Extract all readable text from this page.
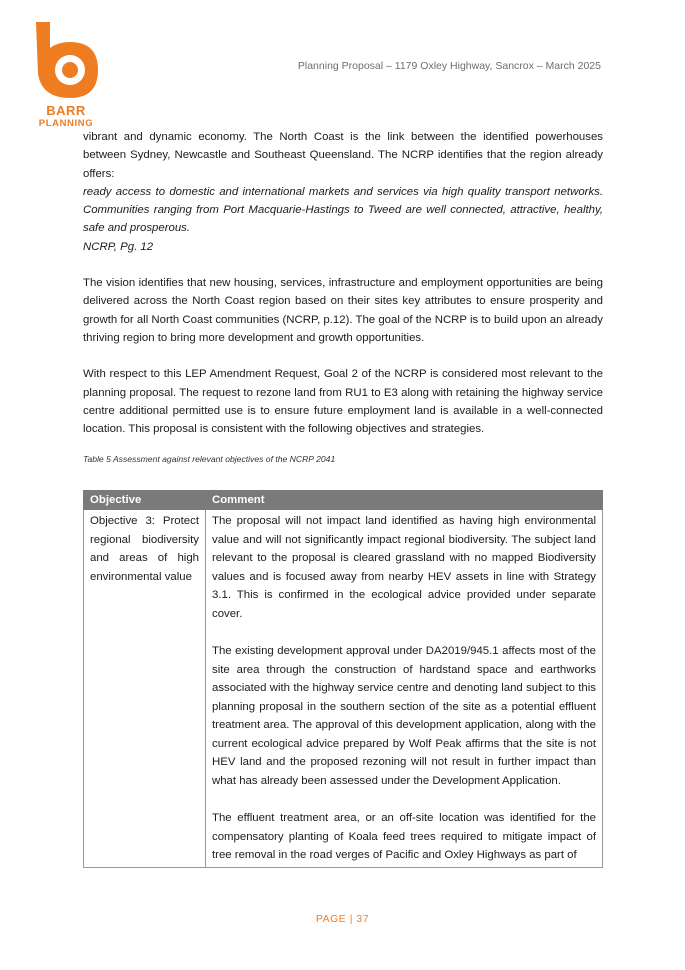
BARR
PLANNING
Planning Proposal – 1179 Oxley Highway, Sancrox – March 2025

vibrant and dynamic economy. The North Coast is the link between the identified powerhouses between Sydney, Newcastle and Southeast Queensland. The NCRP identifies that the region already offers:

ready access to domestic and international markets and services via high quality transport networks. Communities ranging from Port Macquarie-Hastings to Tweed are well connected, attractive, healthy, safe and prosperous.

NCRP, Pg. 12

The vision identifies that new housing, services, infrastructure and employment opportunities are being delivered across the North Coast region based on their sites key attributes to ensure prosperity and growth for all North Coast communities (NCRP, p.12). The goal of the NCRP is to build upon an already thriving region to bring more development and growth opportunities.

With respect to this LEP Amendment Request, Goal 2 of the NCRP is considered most relevant to the planning proposal. The request to rezone land from RU1 to E3 along with retaining the highway service centre additional permitted use is to ensure future employment land is available in a well-connected location. This proposal is consistent with the following objectives and strategies.

Table 5 Assessment against relevant objectives of the NCRP 2041
Objective	Comment
Objective 3: Protect regional biodiversity and areas of high environmental value	The proposal will not impact land identified as having high environmental value and will not significantly impact regional biodiversity. The subject land relevant to the proposal is cleared grassland with no mapped Biodiversity values and is focused away from nearby HEV assets in line with Strategy 3.1. This is confirmed in the ecological advice provided under separate cover.

The existing development approval under DA2019/945.1 affects most of the site area through the construction of hardstand space and earthworks associated with the highway service centre and denoting land subject to this planning proposal in the southern section of the site as a potential effluent treatment area. The approval of this development application, along with the current ecological advice prepared by Wolf Peak affirms that the site is not HEV land and the proposed rezoning will not result in further impact than what has already been assessed under the Development Application.

The effluent treatment area, or an off-site location was identified for the compensatory planting of Koala feed trees required to mitigate impact of tree removal in the road verges of Pacific and Oxley Highways as part of

PAGE | 37
